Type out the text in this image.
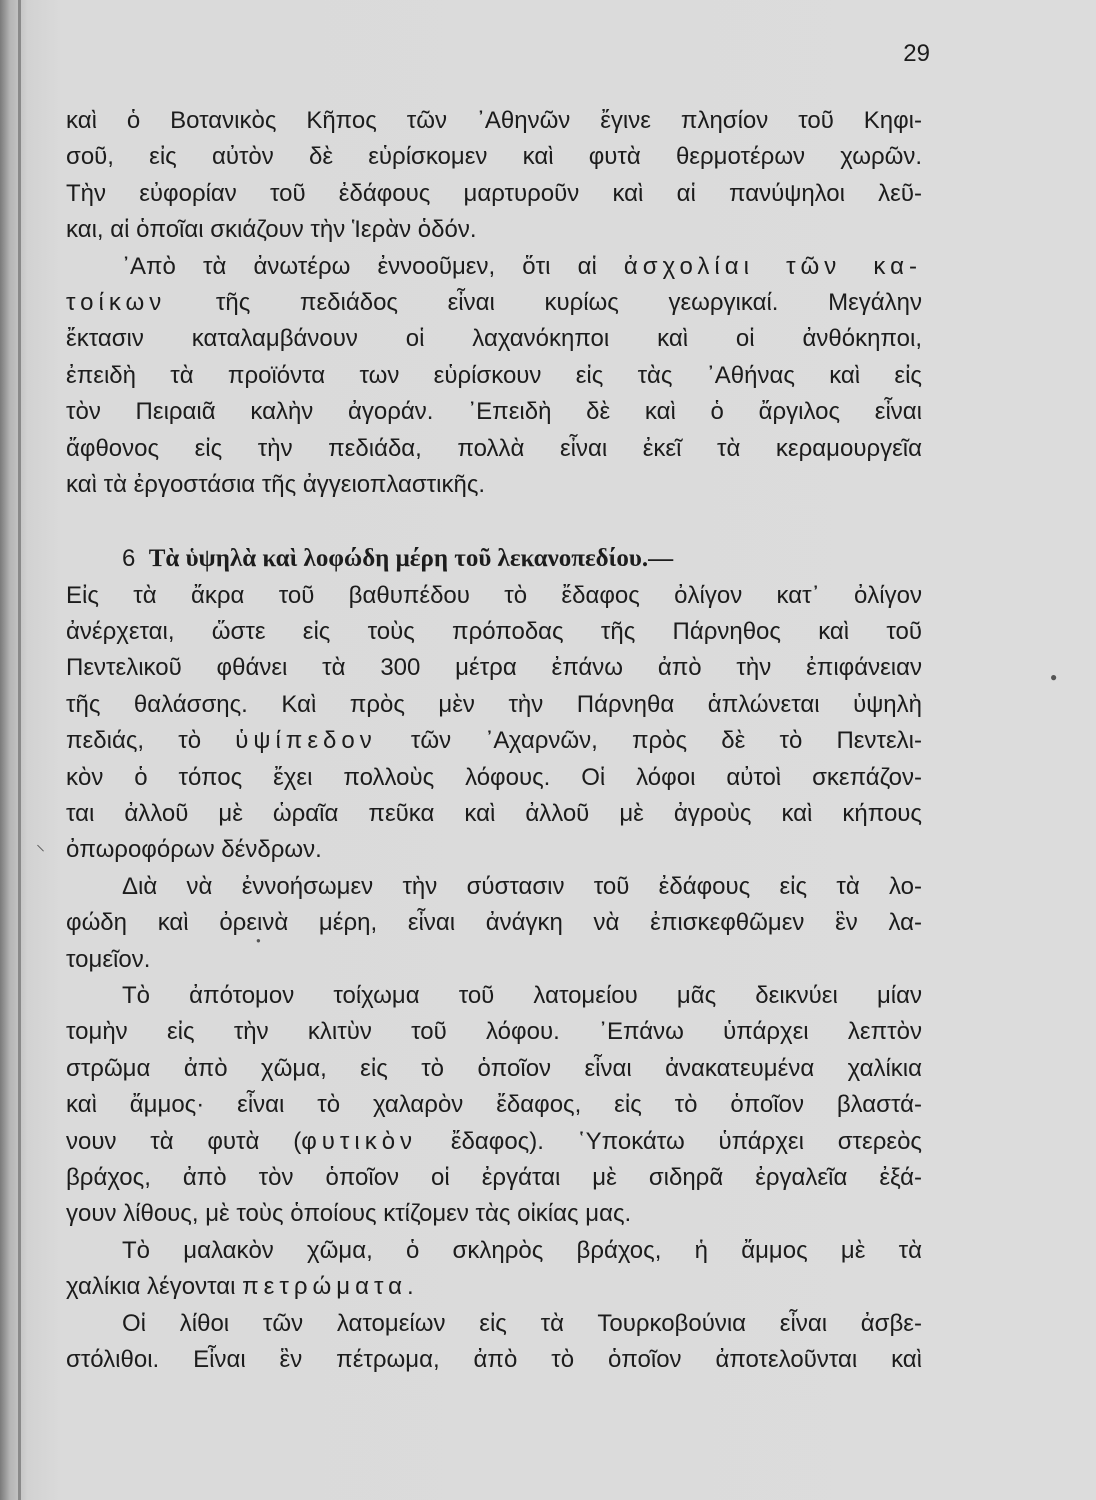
29
καὶ ὁ Βοτανικὸς Κῆπος τῶν ᾿Αθηνῶν ἔγινε πλησίον τοῦ Κηφι-
σοῦ, εἰς αὐτὸν δὲ εὑρίσκομεν καὶ φυτὰ θερμοτέρων χωρῶν.
Τὴν εὐφορίαν τοῦ ἐδάφους μαρτυροῦν καὶ αἱ πανύψηλοι λεῦ-
και, αἱ ὁποῖαι σκιάζουν τὴν Ἱερὰν ὁδόν.
᾿Απὸ τὰ ἀνωτέρω ἐννοοῦμεν, ὅτι αἱ ἀσχολίαι τῶν κα-
τοίκων τῆς πεδιάδος εἶναι κυρίως γεωργικαί. Μεγάλην
ἔκτασιν καταλαμβάνουν οἱ λαχανόκηποι καὶ οἱ ἀνθόκηποι,
ἐπειδὴ τὰ προϊόντα των εὑρίσκουν εἰς τὰς ᾿Αθήνας καὶ εἰς
τὸν Πειραιᾶ καλὴν ἀγοράν. ᾿Επειδὴ δὲ καὶ ὁ ἄργιλος εἶναι
ἄφθονος εἰς τὴν πεδιάδα, πολλὰ εἶναι ἐκεῖ τὰ κεραμουργεῖα
καὶ τὰ ἐργοστάσια τῆς ἀγγειοπλαστικῆς.
6 Τὰ ὑψηλὰ καὶ λοφώδη μέρη τοῦ λεκανοπεδίου.—
Εἰς τὰ ἄκρα τοῦ βαθυπέδου τὸ ἔδαφος ὀλίγον κατ᾿ ὀλίγον
ἀνέρχεται, ὥστε εἰς τοὺς πρόποδας τῆς Πάρνηθος καὶ τοῦ
Πεντελικοῦ φθάνει τὰ 300 μέτρα ἐπάνω ἀπὸ τὴν ἐπιφάνειαν
τῆς θαλάσσης. Καὶ πρὸς μὲν τὴν Πάρνηθα ἁπλώνεται ὑψηλὴ
πεδιάς, τὸ ὑψίπεδον τῶν ᾿Αχαρνῶν, πρὸς δὲ τὸ Πεντελι-
κὸν ὁ τόπος ἔχει πολλοὺς λόφους. Οἱ λόφοι αὐτοὶ σκεπάζον-
ται ἀλλοῦ μὲ ὡραῖα πεῦκα καὶ ἀλλοῦ μὲ ἀγροὺς καὶ κήπους
ὀπωροφόρων δένδρων.
Διὰ νὰ ἐννοήσωμεν τὴν σύστασιν τοῦ ἐδάφους εἰς τὰ λο-
φώδη καὶ ὀρεινὰ μέρη, εἶναι ἀνάγκη νὰ ἐπισκεφθῶμεν ἓν λα-
τομεῖον.
Τὸ ἀπότομον τοίχωμα τοῦ λατομείου μᾶς δεικνύει μίαν
τομὴν εἰς τὴν κλιτὺν τοῦ λόφου. ᾿Επάνω ὑπάρχει λεπτὸν
στρῶμα ἀπὸ χῶμα, εἰς τὸ ὁποῖον εἶναι ἀνακατευμένα χαλίκια
καὶ ἄμμος· εἶναι τὸ χαλαρὸν ἔδαφος, εἰς τὸ ὁποῖον βλαστά-
νουν τὰ φυτὰ (φυτικὸν ἔδαφος). ῾Υποκάτω ὑπάρχει στερεὸς
βράχος, ἀπὸ τὸν ὁποῖον οἱ ἐργάται μὲ σιδηρᾶ ἐργαλεῖα ἐξά-
γουν λίθους, μὲ τοὺς ὁποίους κτίζομεν τὰς οἰκίας μας.
Τὸ μαλακὸν χῶμα, ὁ σκληρὸς βράχος, ἡ ἄμμος μὲ τὰ
χαλίκια λέγονται πετρώματα.
Οἱ λίθοι τῶν λατομείων εἰς τὰ Τουρκοβούνια εἶναι ἀσβε-
στόλιθοι. Εἶναι ἓν πέτρωμα, ἀπὸ τὸ ὁποῖον ἀποτελοῦνται καὶ
⸜
●
●
